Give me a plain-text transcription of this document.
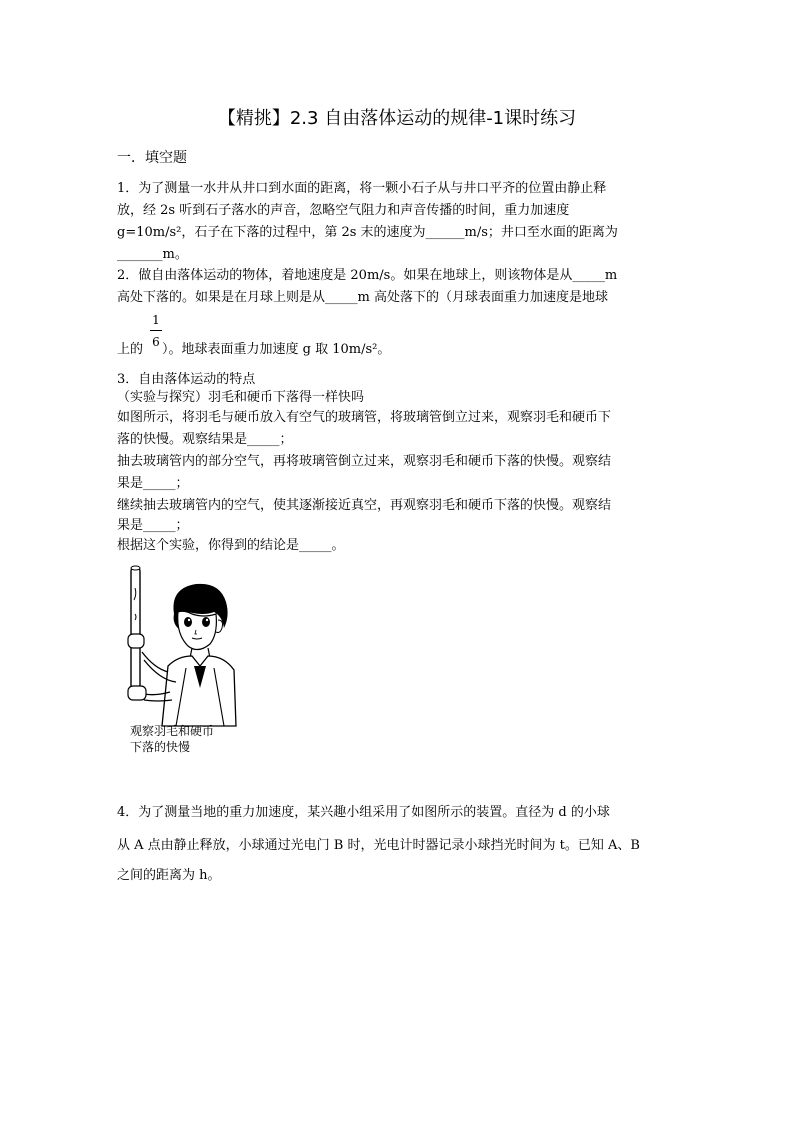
【精挑】2.3 自由落体运动的规律-1课时练习
一．填空题
1．为了测量一水井从井口到水面的距离，将一颗小石子从与井口平齐的位置由静止释
放，经 2s 听到石子落水的声音，忽略空气阻力和声音传播的时间，重力加速度
g=10m/s²，石子在下落的过程中，第 2s 末的速度为______m/s；井口至水面的距离为
_______m。
2．做自由落体运动的物体，着地速度是 20m/s。如果在地球上，则该物体是从_____m
高处下落的。如果是在月球上则是从_____m 高处落下的（月球表面重力加速度是地球
1
6
上的 ）。地球表面重力加速度 g 取 10m/s²。
3．自由落体运动的特点
（实验与探究）羽毛和硬币下落得一样快吗
如图所示，将羽毛与硬币放入有空气的玻璃管，将玻璃管倒立过来，观察羽毛和硬币下
落的快慢。观察结果是_____；
抽去玻璃管内的部分空气，再将玻璃管倒立过来，观察羽毛和硬币下落的快慢。观察结
果是_____；
继续抽去玻璃管内的空气，使其逐渐接近真空，再观察羽毛和硬币下落的快慢。观察结
果是_____；
根据这个实验，你得到的结论是_____。
观察羽毛和硬币
下落的快慢
4．为了测量当地的重力加速度，某兴趣小组采用了如图所示的装置。直径为 d 的小球
从 A 点由静止释放，小球通过光电门 B 时，光电计时器记录小球挡光时间为 t。已知 A、B
之间的距离为 h。
